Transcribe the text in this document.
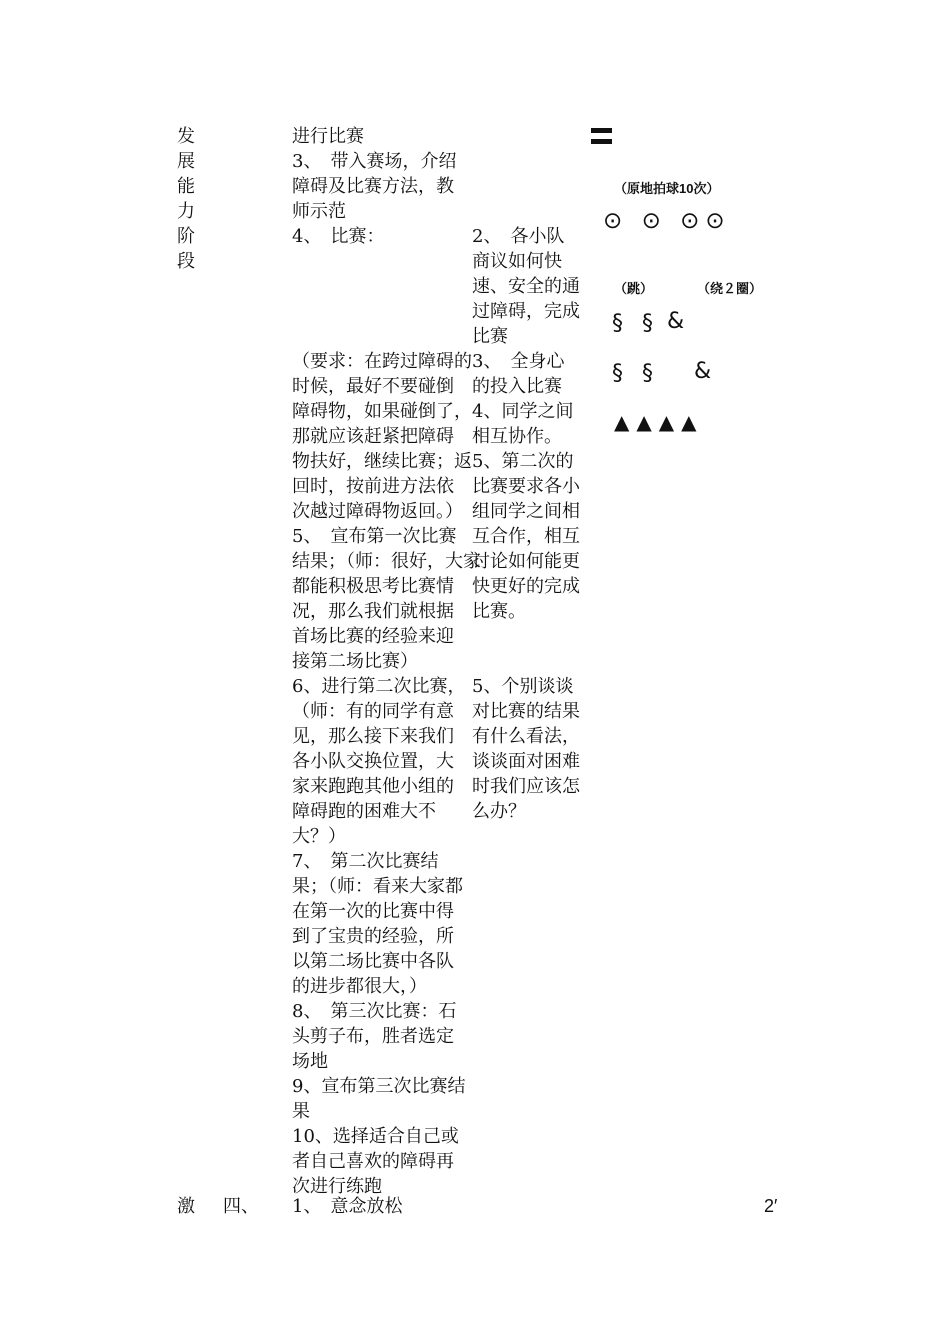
发
展
能
力
阶
段
进行比赛
3、　带入赛场，介绍
障碍及比赛方法，教
师示范
4、　比赛：
（要求：在跨过障碍的
时候，最好不要碰倒
障碍物，如果碰倒了，
那就应该赶紧把障碍
物扶好，继续比赛；返
回时，按前进方法依
次越过障碍物返回。）
5、　宣布第一次比赛
结果；（师：很好，大家
都能积极思考比赛情
况，那么我们就根据
首场比赛的经验来迎
接第二场比赛）
6、进行第二次比赛，
（师：有的同学有意
见，那么接下来我们
各小队交换位置，大
家来跑跑其他小组的
障碍跑的困难大不
大？）
7、　第二次比赛结
果；（师：看来大家都
在第一次的比赛中得
到了宝贵的经验，所
以第二场比赛中各队
的进步都很大，）
8、　第三次比赛：石
头剪子布，胜者选定
场地
9、宣布第三次比赛结
果
10、选择适合自己或
者自己喜欢的障碍再
次进行练跑
2、　各小队
商议如何快
速、安全的通
过障碍，完成
比赛
3、　全身心
的投入比赛
4、同学之间
相互协作。
5、第二次的
比赛要求各小
组同学之间相
互合作，相互
讨论如何能更
快更好的完成
比赛。
5、个别谈谈
对比赛的结果
有什么看法，
谈谈面对困难
时我们应该怎
么办？
（原地拍球10次）
⊙ ⊙ ⊙⊙
（跳）	（绕２圈）
§ § &
§ § &
▲▲▲▲
激 四、 1、　意念放松	2′
